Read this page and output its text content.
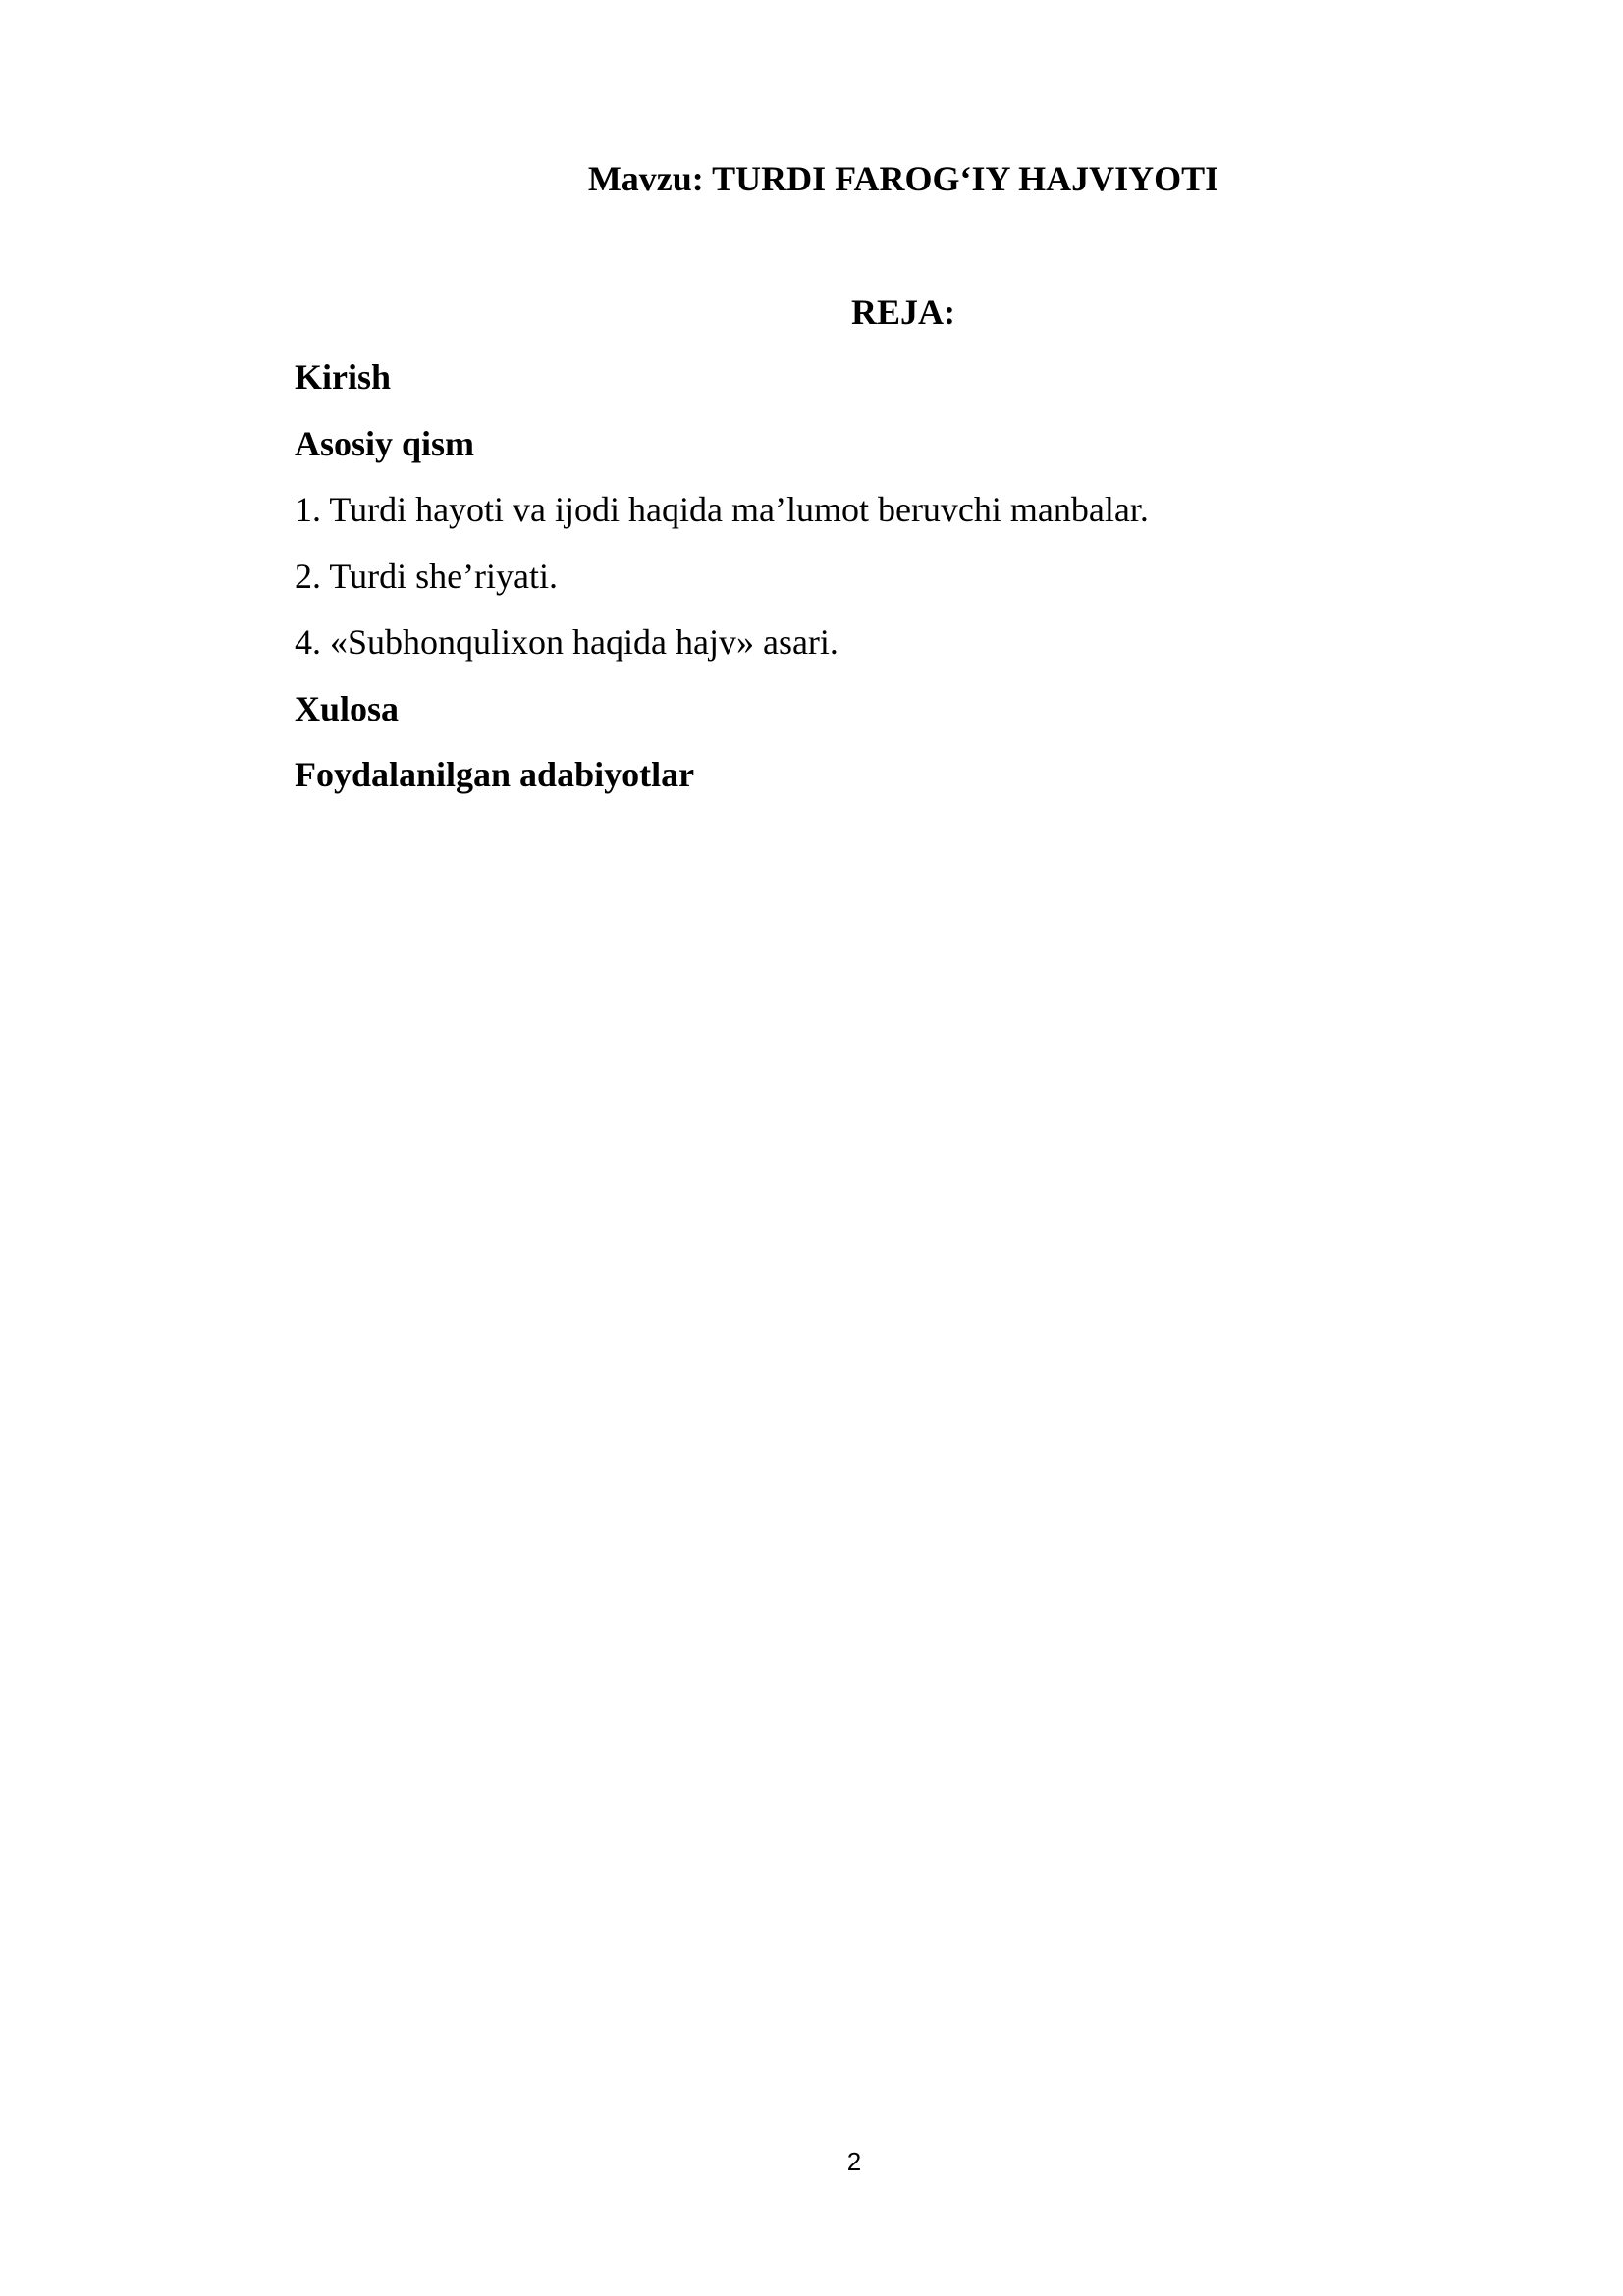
Mavzu: TURDI FAROG‘IY HAJVIYOTI
REJA:
Kirish
Asosiy qism
1. Turdi hayoti va ijodi haqida ma’lumot beruvchi manbalar.
2. Turdi she’riyati.
4. «Subhonqulixon haqida hajv» asari.
Xulosa
Foydalanilgan adabiyotlar
2
